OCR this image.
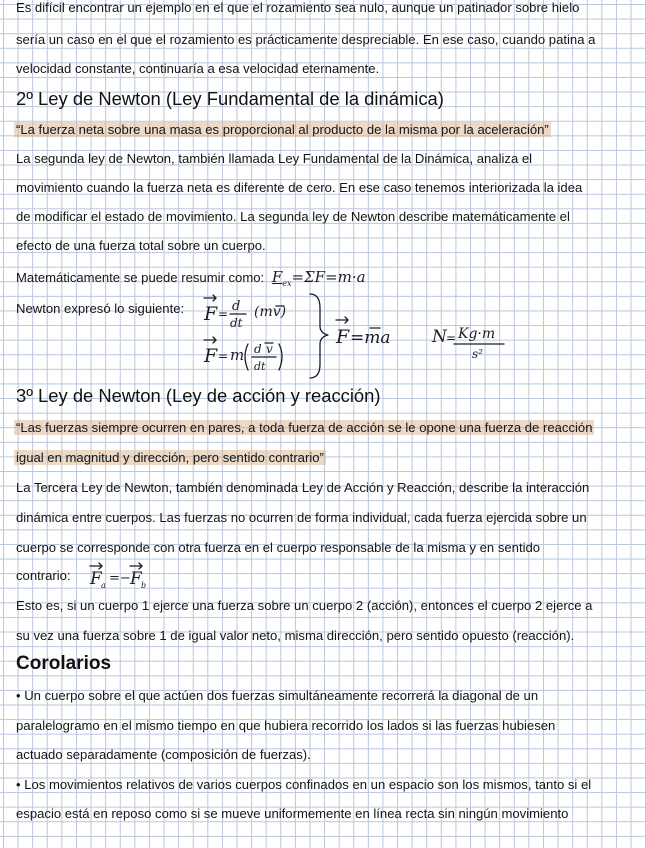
Es difícil encontrar un ejemplo en el que el rozamiento sea nulo, aunque un patinador sobre hielo
sería un caso en el que el rozamiento es prácticamente despreciable. En ese caso, cuando patina a
velocidad constante, continuaría a esa velocidad eternamente.
2º Ley de Newton (Ley Fundamental de la dinámica)
“La fuerza neta sobre una masa es proporcional al producto de la misma por la aceleración”
La segunda ley de Newton, también llamada Ley Fundamental de la Dinámica, analiza el
movimiento cuando la fuerza neta es diferente de cero. En ese caso tenemos interiorizada la idea
de modificar el estado de movimiento. La segunda ley de Newton describe matemáticamente el
efecto de una fuerza total sobre un cuerpo.
Matemáticamente se puede resumir como: $F_{ex}=\Sigma F=m\cdot a$
Newton expresó lo siguiente: F = d
dt
(mv)
F = m d v
dt
F =ma N = Kg·m
s²
3º Ley de Newton (Ley de acción y reacción)
“Las fuerzas siempre ocurren en pares, a toda fuerza de acción se le opone una fuerza de reacción
igual en magnitud y dirección, pero sentido contrario”
La Tercera Ley de Newton, también denominada Ley de Acción y Reacción, describe la interacción
dinámica entre cuerpos. Las fuerzas no ocurren de forma individual, cada fuerza ejercida sobre un
cuerpo se corresponde con otra fuerza en el cuerpo responsable de la misma y en sentido
contrario: F a =− F b
Esto es, si un cuerpo 1 ejerce una fuerza sobre un cuerpo 2 (acción), entonces el cuerpo 2 ejerce a
su vez una fuerza sobre 1 de igual valor neto, misma dirección, pero sentido opuesto (reacción).
Corolarios
• Un cuerpo sobre el que actúen dos fuerzas simultáneamente recorrerá la diagonal de un
paralelogramo en el mismo tiempo en que hubiera recorrido los lados si las fuerzas hubiesen
actuado separadamente (composición de fuerzas).
• Los movimientos relativos de varios cuerpos confinados en un espacio son los mismos, tanto si el
espacio está en reposo como si se mueve uniformemente en línea recta sin ningún movimiento
